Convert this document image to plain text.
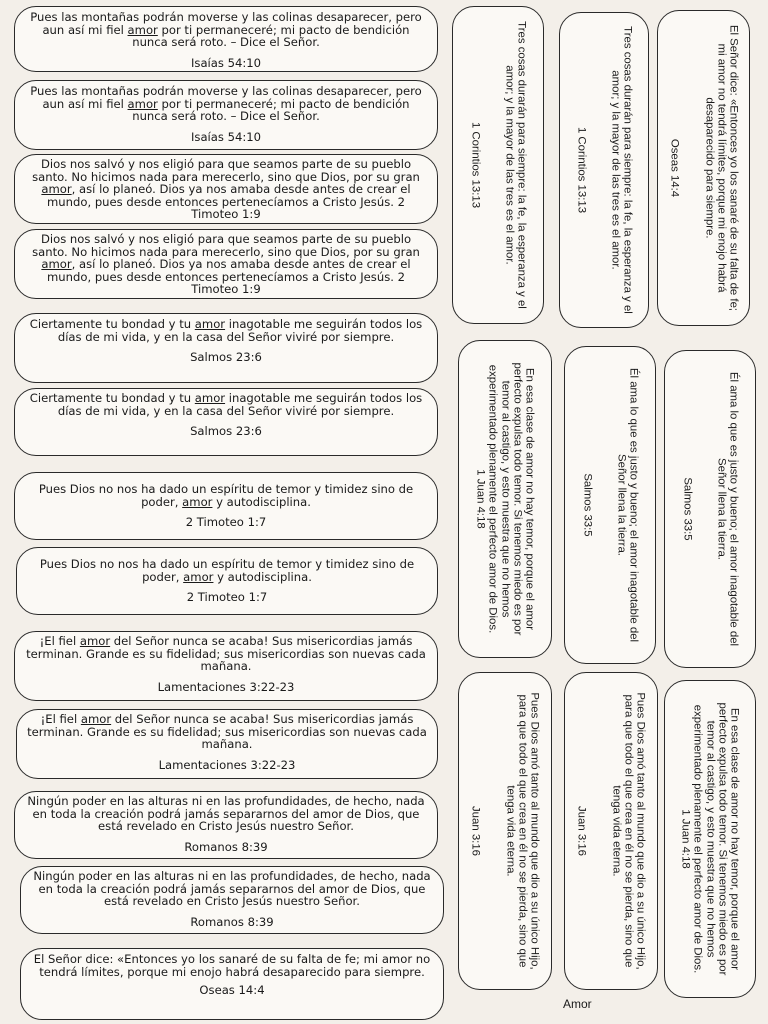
Pues las montañas podrán moverse y las colinas desaparecer, pero aun así mi fiel amor por ti permaneceré; mi pacto de bendición nunca será roto. – Dice el Señor.
Isaías 54:10
Pues las montañas podrán moverse y las colinas desaparecer, pero aun así mi fiel amor por ti permaneceré; mi pacto de bendición nunca será roto. – Dice el Señor.
Isaías 54:10
Dios nos salvó y nos eligió para que seamos parte de su pueblo santo. No hicimos nada para merecerlo, sino que Dios, por su gran amor, así lo planeó. Dios ya nos amaba desde antes de crear el mundo, pues desde entonces pertenecíamos a Cristo Jesús. 2 Timoteo 1:9
Dios nos salvó y nos eligió para que seamos parte de su pueblo santo. No hicimos nada para merecerlo, sino que Dios, por su gran amor, así lo planeó. Dios ya nos amaba desde antes de crear el mundo, pues desde entonces pertenecíamos a Cristo Jesús. 2 Timoteo 1:9
Ciertamente tu bondad y tu amor inagotable me seguirán todos los días de mi vida, y en la casa del Señor viviré por siempre.
Salmos 23:6
Ciertamente tu bondad y tu amor inagotable me seguirán todos los días de mi vida, y en la casa del Señor viviré por siempre.
Salmos 23:6
Pues Dios no nos ha dado un espíritu de temor y timidez sino de poder, amor y autodisciplina.
2 Timoteo 1:7
Pues Dios no nos ha dado un espíritu de temor y timidez sino de poder, amor y autodisciplina.
2 Timoteo 1:7
¡El fiel amor del Señor nunca se acaba! Sus misericordias jamás terminan. Grande es su fidelidad; sus misericordias son nuevas cada mañana.
Lamentaciones 3:22-23
¡El fiel amor del Señor nunca se acaba! Sus misericordias jamás terminan. Grande es su fidelidad; sus misericordias son nuevas cada mañana.
Lamentaciones 3:22-23
Ningún poder en las alturas ni en las profundidades, de hecho, nada en toda la creación podrá jamás separarnos del amor de Dios, que está revelado en Cristo Jesús nuestro Señor.
Romanos 8:39
Ningún poder en las alturas ni en las profundidades, de hecho, nada en toda la creación podrá jamás separarnos del amor de Dios, que está revelado en Cristo Jesús nuestro Señor.
Romanos 8:39
El Señor dice: «Entonces yo los sanaré de su falta de fe; mi amor no tendrá límites, porque mi enojo habrá desaparecido para siempre.
Oseas 14:4
Tres cosas durarán para siempre: la fe, la esperanza y el amor; y la mayor de las tres es el amor.
1 Corintios 13:13	Tres cosas durarán para siempre: la fe, la esperanza y el amor; y la mayor de las tres es el amor.
1 Corintios 13:13	El Señor dice: «Entonces yo los sanaré de su falta de fe; mi amor no tendrá límites, porque mi enojo habrá desaparecido para siempre.
Oseas 14:4
En esa clase de amor no hay temor, porque el amor perfecto expulsa todo temor. Si tenemos miedo es por temor al castigo, y esto muestra que no hemos experimentado plenamente el perfecto amor de Dios.
1 Juan 4:18	Él ama lo que es justo y bueno; el amor inagotable del Señor llena la tierra.
Salmos 33:5	Él ama lo que es justo y bueno; el amor inagotable del Señor llena la tierra.
Salmos 33:5
Pues Dios amó tanto al mundo que dio a su único Hijo, para que todo el que crea en él no se pierda, sino que tenga vida eterna.
Juan 3:16	Pues Dios amó tanto al mundo que dio a su único Hijo, para que todo el que crea en él no se pierda, sino que tenga vida eterna.
Juan 3:16	En esa clase de amor no hay temor, porque el amor perfecto expulsa todo temor. Si tenemos miedo es por temor al castigo, y esto muestra que no hemos experimentado plenamente el perfecto amor de Dios.
1 Juan 4:18
Amor
